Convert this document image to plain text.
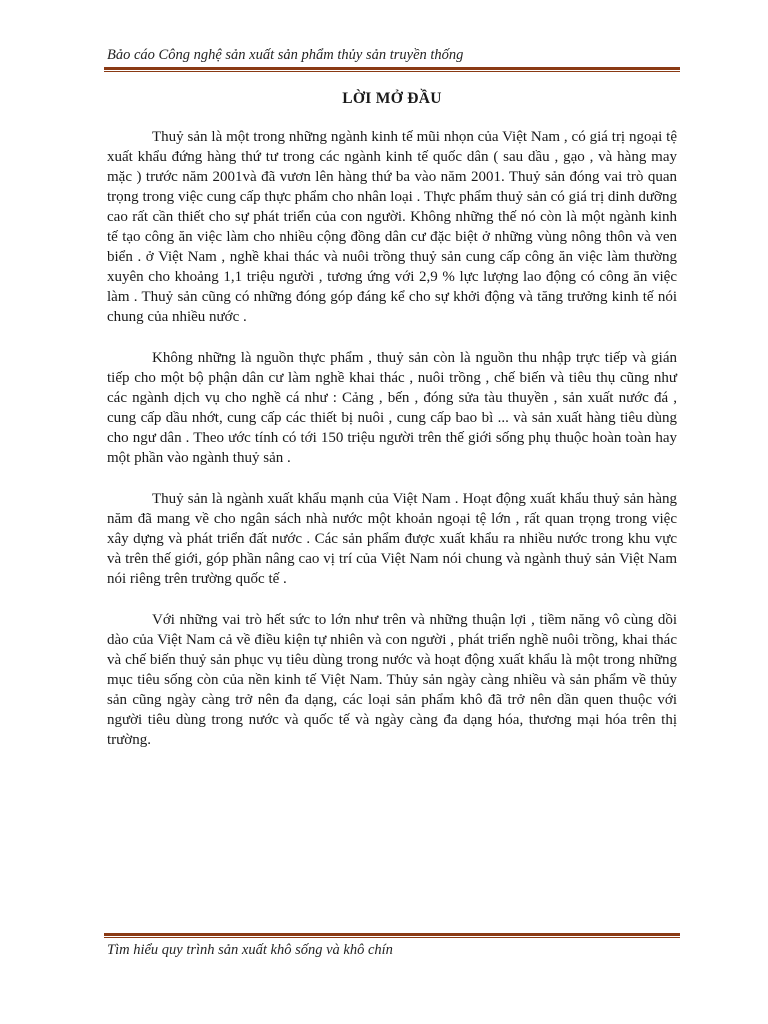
Bảo cáo Công nghệ sản xuất sản phẩm thủy sản truyền thống
LỜI MỞ ĐẦU

Thuỷ sản là một trong những ngành kinh tế mũi nhọn của Việt Nam , có giá trị ngoại tệ xuất khẩu đứng hàng thứ tư trong các ngành kinh tế quốc dân ( sau dầu , gạo , và hàng may mặc ) trước năm 2001và đã vươn lên hàng thứ ba vào năm 2001. Thuỷ sản đóng vai trò quan trọng trong việc cung cấp thực phẩm cho nhân loại . Thực phẩm thuỷ sản có giá trị dinh dưỡng cao rất cần thiết cho sự phát triển của con người. Không những thế nó còn là một ngành kinh tế tạo công ăn việc làm cho nhiều cộng đồng dân cư đặc biệt ở những vùng nông thôn và ven biển . ở Việt Nam , nghề khai thác và nuôi trồng thuỷ sản cung cấp công ăn việc làm thường xuyên cho khoảng 1,1 triệu người , tương ứng với 2,9 % lực lượng lao động có công ăn việc làm . Thuỷ sản cũng có những đóng góp đáng kể cho sự khởi động và tăng trưởng kinh tế nói chung của nhiều nước .

Không những là nguồn thực phẩm , thuỷ sản còn là nguồn thu nhập trực tiếp và gián tiếp cho một bộ phận dân cư làm nghề khai thác , nuôi trồng , chế biến và tiêu thụ cũng như các ngành dịch vụ cho nghề cá như : Cảng , bến , đóng sửa tàu thuyền , sản xuất nước đá , cung cấp dầu nhớt, cung cấp các thiết bị nuôi , cung cấp bao bì ... và sản xuất hàng tiêu dùng cho ngư dân . Theo ước tính có tới 150 triệu người trên thế giới sống phụ thuộc hoàn toàn hay một phần vào ngành thuỷ sản .

Thuỷ sản là ngành xuất khẩu mạnh của Việt Nam . Hoạt động xuất khẩu thuỷ sản hàng năm đã mang về cho ngân sách nhà nước một khoản ngoại tệ lớn , rất quan trọng trong việc xây dựng và phát triển đất nước . Các sản phẩm được xuất khẩu ra nhiều nước trong khu vực và trên thế giới, góp phần nâng cao vị trí của Việt Nam nói chung và ngành thuỷ sản Việt Nam nói riêng trên trường quốc tế .

Với những vai trò hết sức to lớn như trên và những thuận lợi , tiềm năng vô cùng dồi dào của Việt Nam cả về điều kiện tự nhiên và con người , phát triển nghề nuôi trồng, khai thác và chế biến thuỷ sản phục vụ tiêu dùng trong nước và hoạt động xuất khẩu là một trong những mục tiêu sống còn của nền kinh tế Việt Nam. Thủy sản ngày càng nhiều và sản phẩm về thủy sản cũng ngày càng trở nên đa dạng, các loại sản phẩm khô đã trở nên dần quen thuộc với người tiêu dùng trong nước và quốc tế và ngày càng đa dạng hóa, thương mại hóa trên thị trường.

Tìm hiểu quy trình sản xuất khô sống và khô chín
